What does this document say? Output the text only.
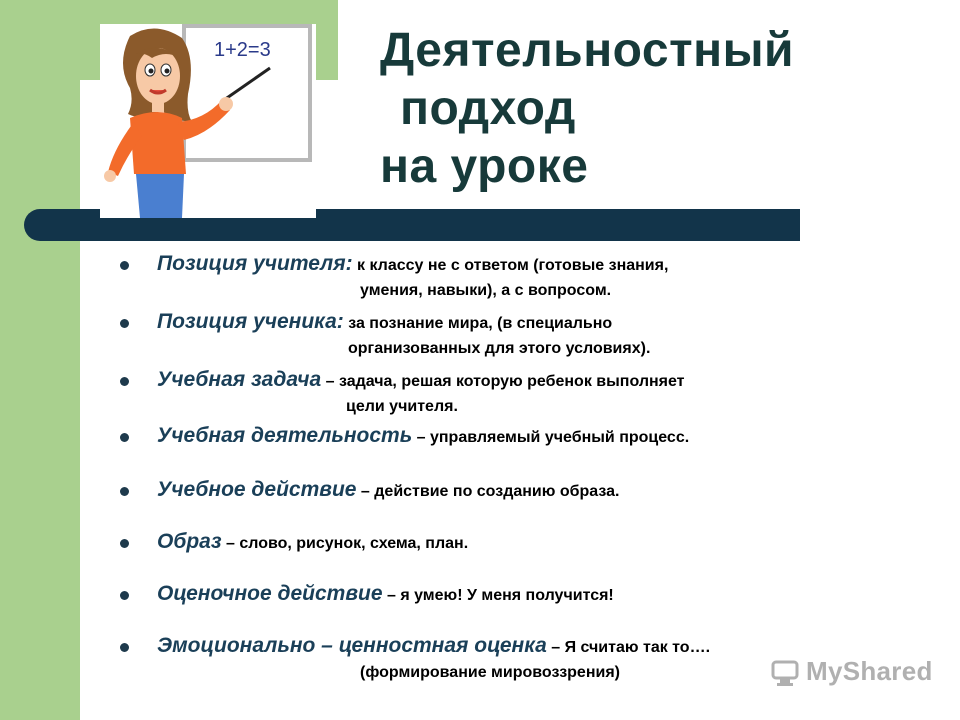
1+2=3 Деятельностный
подход
на уроке
Позиция учителя: к классу не с ответом (готовые знания,
умения, навыки), а с вопросом.
Позиция ученика: за познание мира, (в специально
организованных для этого условиях).
Учебная задача – задача, решая которую ребенок выполняет
цели учителя.
Учебная деятельность – управляемый учебный процесс.
Учебное действие – действие по созданию образа.
Образ – слово, рисунок, схема, план.
Оценочное действие – я умею! У меня получится!
Эмоционально – ценностная оценка – Я считаю так то….
(формирование мировоззрения)	MyShared
